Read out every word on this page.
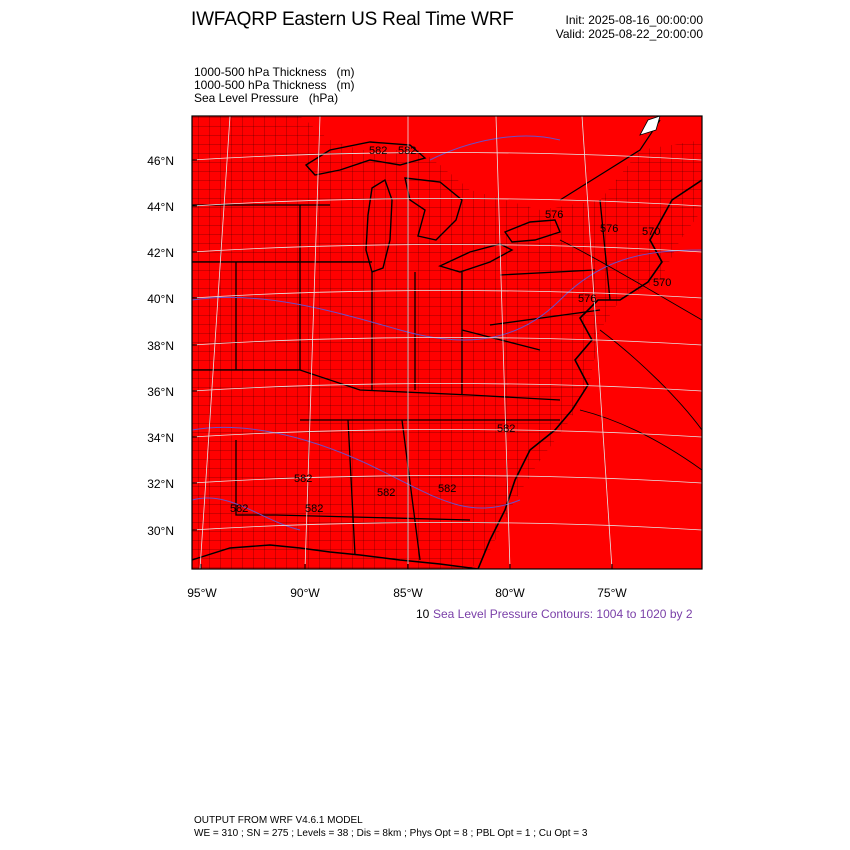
IWFAQRP Eastern US Real Time WRF	Init: 2025-08-16_00:00:00
Valid: 2025-08-22_20:00:00
1000-500 hPa Thickness   (m)
1000-500 hPa Thickness   (m)
Sea Level Pressure   (hPa)
582 582
576
576 570
570
576
582
582
582	582
582	582
46°N
44°N
42°N
40°N
38°N
36°N
34°N
32°N
30°N
95°W	90°W	85°W	80°W	75°W
10 Sea Level Pressure Contours: 1004 to 1020 by 2
OUTPUT FROM WRF V4.6.1 MODEL
WE = 310 ; SN = 275 ; Levels = 38 ; Dis = 8km ; Phys Opt = 8 ; PBL Opt = 1 ; Cu Opt = 3
